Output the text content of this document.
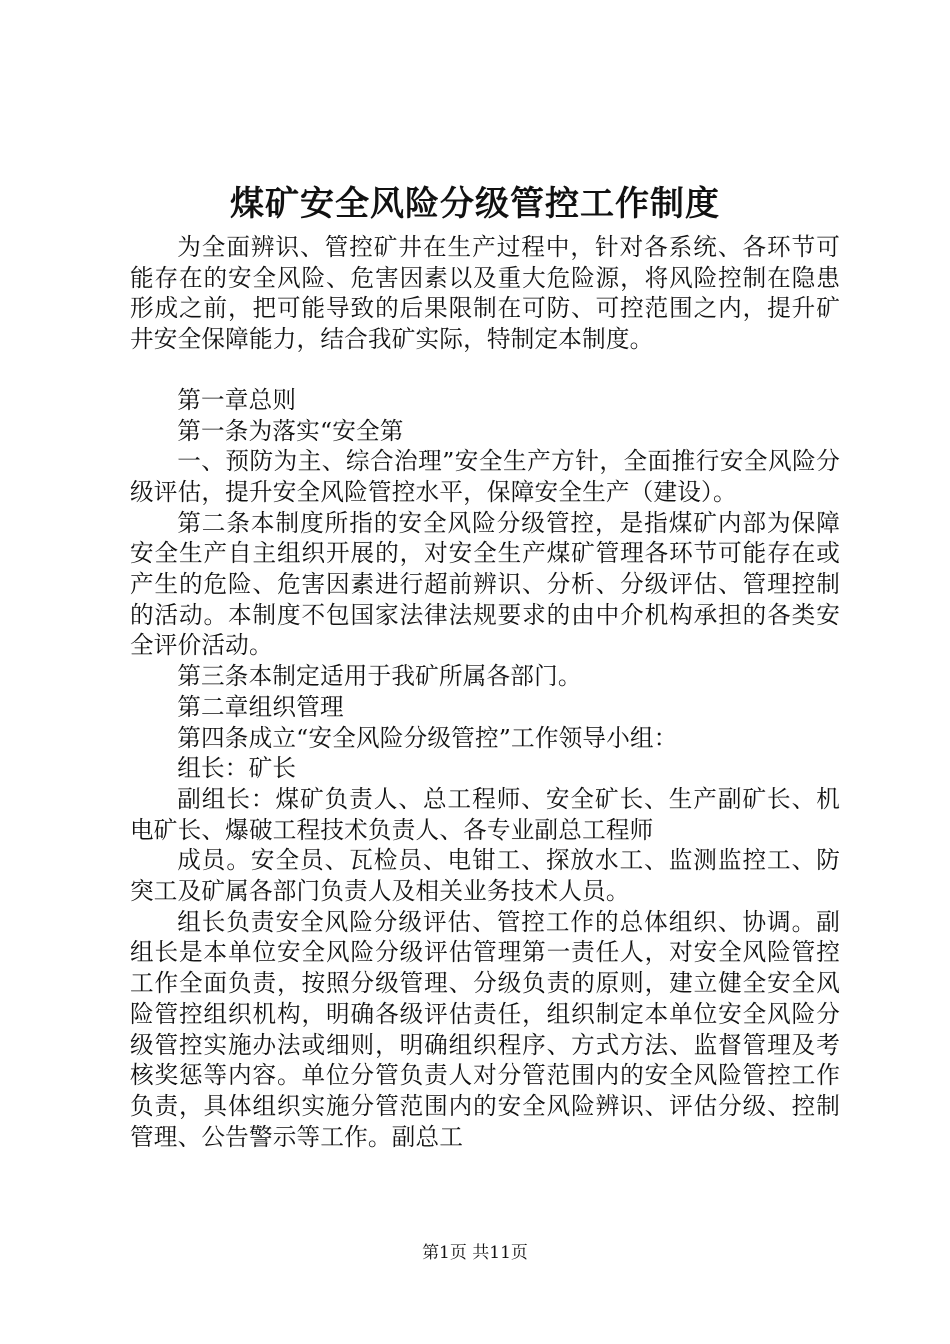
煤矿安全风险分级管控工作制度

为全面辨识、管控矿井在生产过程中，针对各系统、各环节可能存在的安全风险、危害因素以及重大危险源，将风险控制在隐患形成之前，把可能导致的后果限制在可防、可控范围之内，提升矿井安全保障能力，结合我矿实际，特制定本制度。

第一章总则

第一条为落实“安全第

一、预防为主、综合治理”安全生产方针，全面推行安全风险分级评估，提升安全风险管控水平，保障安全生产（建设）。

第二条本制度所指的安全风险分级管控，是指煤矿内部为保障安全生产自主组织开展的，对安全生产煤矿管理各环节可能存在或产生的危险、危害因素进行超前辨识、分析、分级评估、管理控制的活动。本制度不包国家法律法规要求的由中介机构承担的各类安全评价活动。

第三条本制定适用于我矿所属各部门。

第二章组织管理

第四条成立“安全风险分级管控”工作领导小组：

组长：矿长

副组长：煤矿负责人、总工程师、安全矿长、生产副矿长、机电矿长、爆破工程技术负责人、各专业副总工程师

成员。安全员、瓦检员、电钳工、探放水工、监测监控工、防突工及矿属各部门负责人及相关业务技术人员。

组长负责安全风险分级评估、管控工作的总体组织、协调。副组长是本单位安全风险分级评估管理第一责任人，对安全风险管控工作全面负责，按照分级管理、分级负责的原则，建立健全安全风险管控组织机构，明确各级评估责任，组织制定本单位安全风险分级管控实施办法或细则，明确组织程序、方式方法、监督管理及考核奖惩等内容。单位分管负责人对分管范围内的安全风险管控工作负责，具体组织实施分管范围内的安全风险辨识、评估分级、控制管理、公告警示等工作。副总工

第1页 共11页
